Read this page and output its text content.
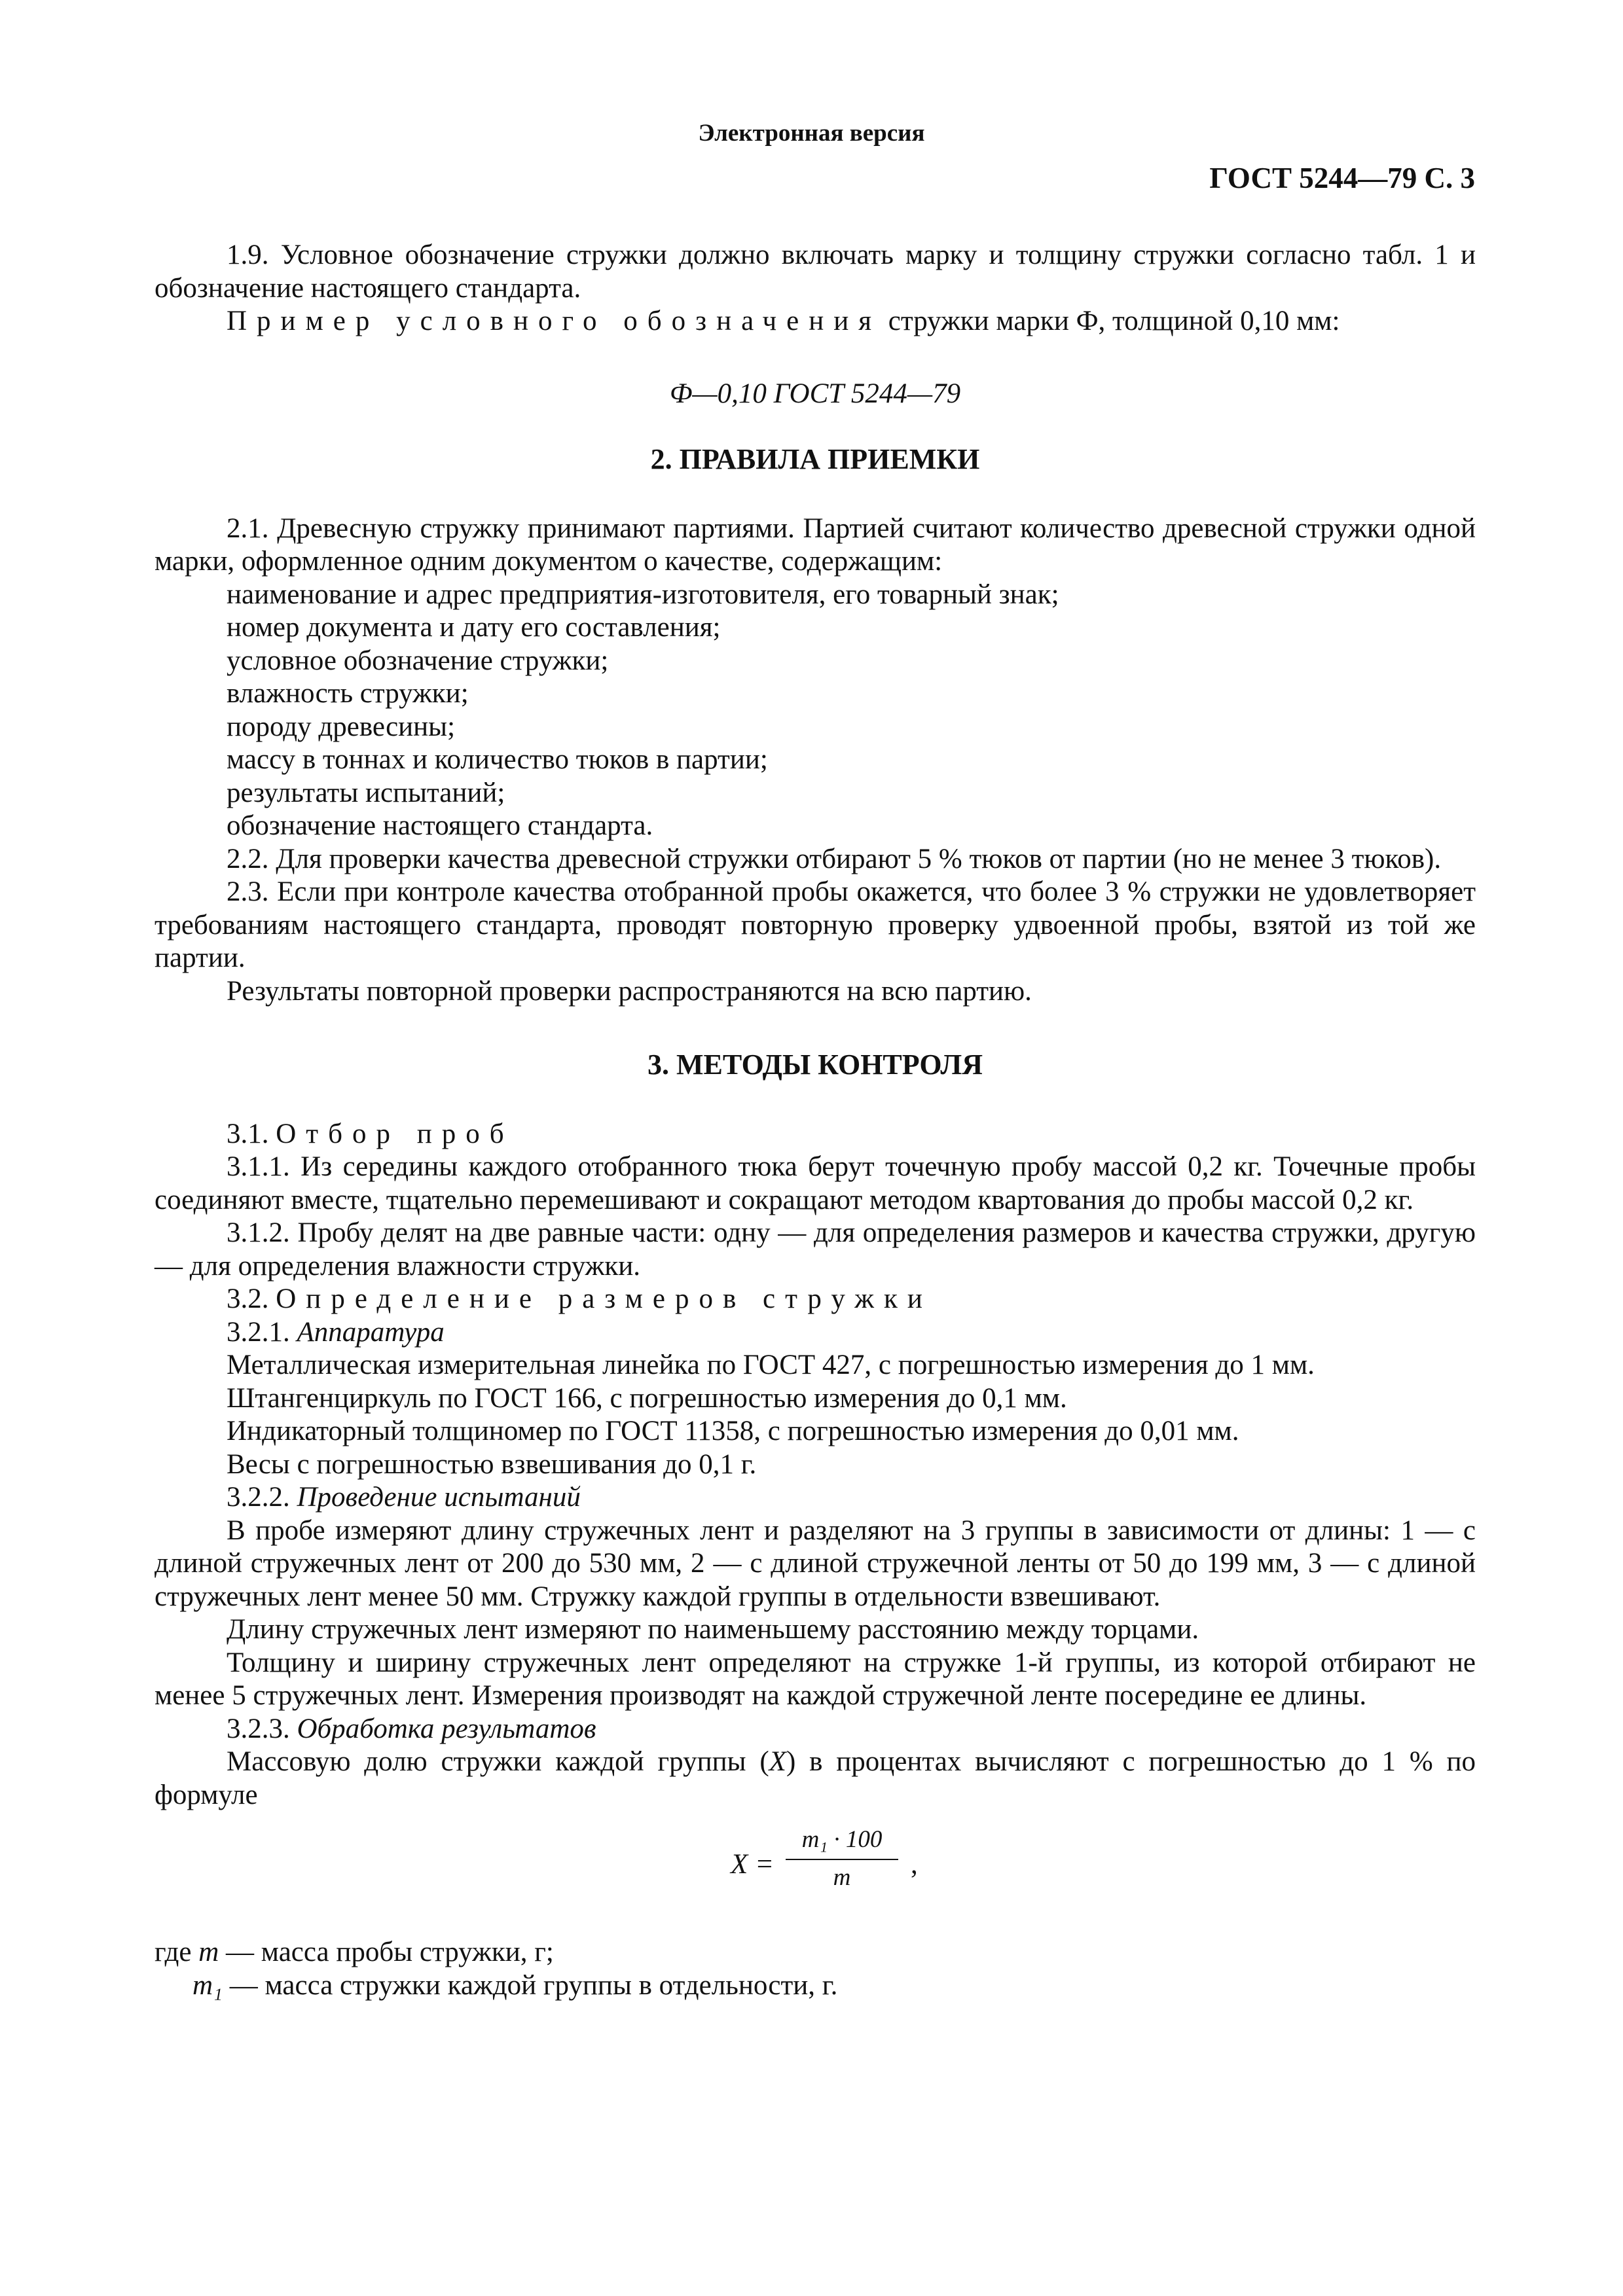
Электронная версия
ГОСТ 5244—79 С. 3

1.9. Условное обозначение стружки должно включать марку и толщину стружки согласно табл. 1 и обозначение настоящего стандарта.

Пример условного обозначения стружки марки Ф, толщиной 0,10 мм:

Ф—0,10 ГОСТ 5244—79

2. ПРАВИЛА ПРИЕМКИ

2.1. Древесную стружку принимают партиями. Партией считают количество древесной стружки одной марки, оформленное одним документом о качестве, содержащим:

наименование и адрес предприятия-изготовителя, его товарный знак;

номер документа и дату его составления;

условное обозначение стружки;

влажность стружки;

породу древесины;

массу в тоннах и количество тюков в партии;

результаты испытаний;

обозначение настоящего стандарта.

2.2. Для проверки качества древесной стружки отбирают 5 % тюков от партии (но не менее 3 тюков).

2.3. Если при контроле качества отобранной пробы окажется, что более 3 % стружки не удовлетворяет требованиям настоящего стандарта, проводят повторную проверку удвоенной пробы, взятой из той же партии.

Результаты повторной проверки распространяются на всю партию.

3. МЕТОДЫ КОНТРОЛЯ

3.1. Отбор проб

3.1.1. Из середины каждого отобранного тюка берут точечную пробу массой 0,2 кг. Точечные пробы соединяют вместе, тщательно перемешивают и сокращают методом квартования до пробы массой 0,2 кг.

3.1.2. Пробу делят на две равные части: одну — для определения размеров и качества стружки, другую — для определения влажности стружки.

3.2. Определение размеров стружки

3.2.1. Аппаратура

Металлическая измерительная линейка по ГОСТ 427, с погрешностью измерения до 1 мм.

Штангенциркуль по ГОСТ 166, с погрешностью измерения до 0,1 мм.

Индикаторный толщиномер по ГОСТ 11358, с погрешностью измерения до 0,01 мм.

Весы с погрешностью взвешивания до 0,1 г.

3.2.2. Проведение испытаний

В пробе измеряют длину стружечных лент и разделяют на 3 группы в зависимости от длины: 1 — с длиной стружечных лент от 200 до 530 мм, 2 — с длиной стружечной ленты от 50 до 199 мм, 3 — с длиной стружечных лент менее 50 мм. Стружку каждой группы в отдельности взвешивают.

Длину стружечных лент измеряют по наименьшему расстоянию между торцами.

Толщину и ширину стружечных лент определяют на стружке 1-й группы, из которой отбирают не менее 5 стружечных лент. Измерения производят на каждой стружечной ленте посередине ее длины.

3.2.3. Обработка результатов

Массовую долю стружки каждой группы (X) в процентах вычисляют с погрешностью до 1 % по формуле

X =
m₁ · 100
m	,

где m — масса пробы стружки, г;

m₁ — масса стружки каждой группы в отдельности, г.
